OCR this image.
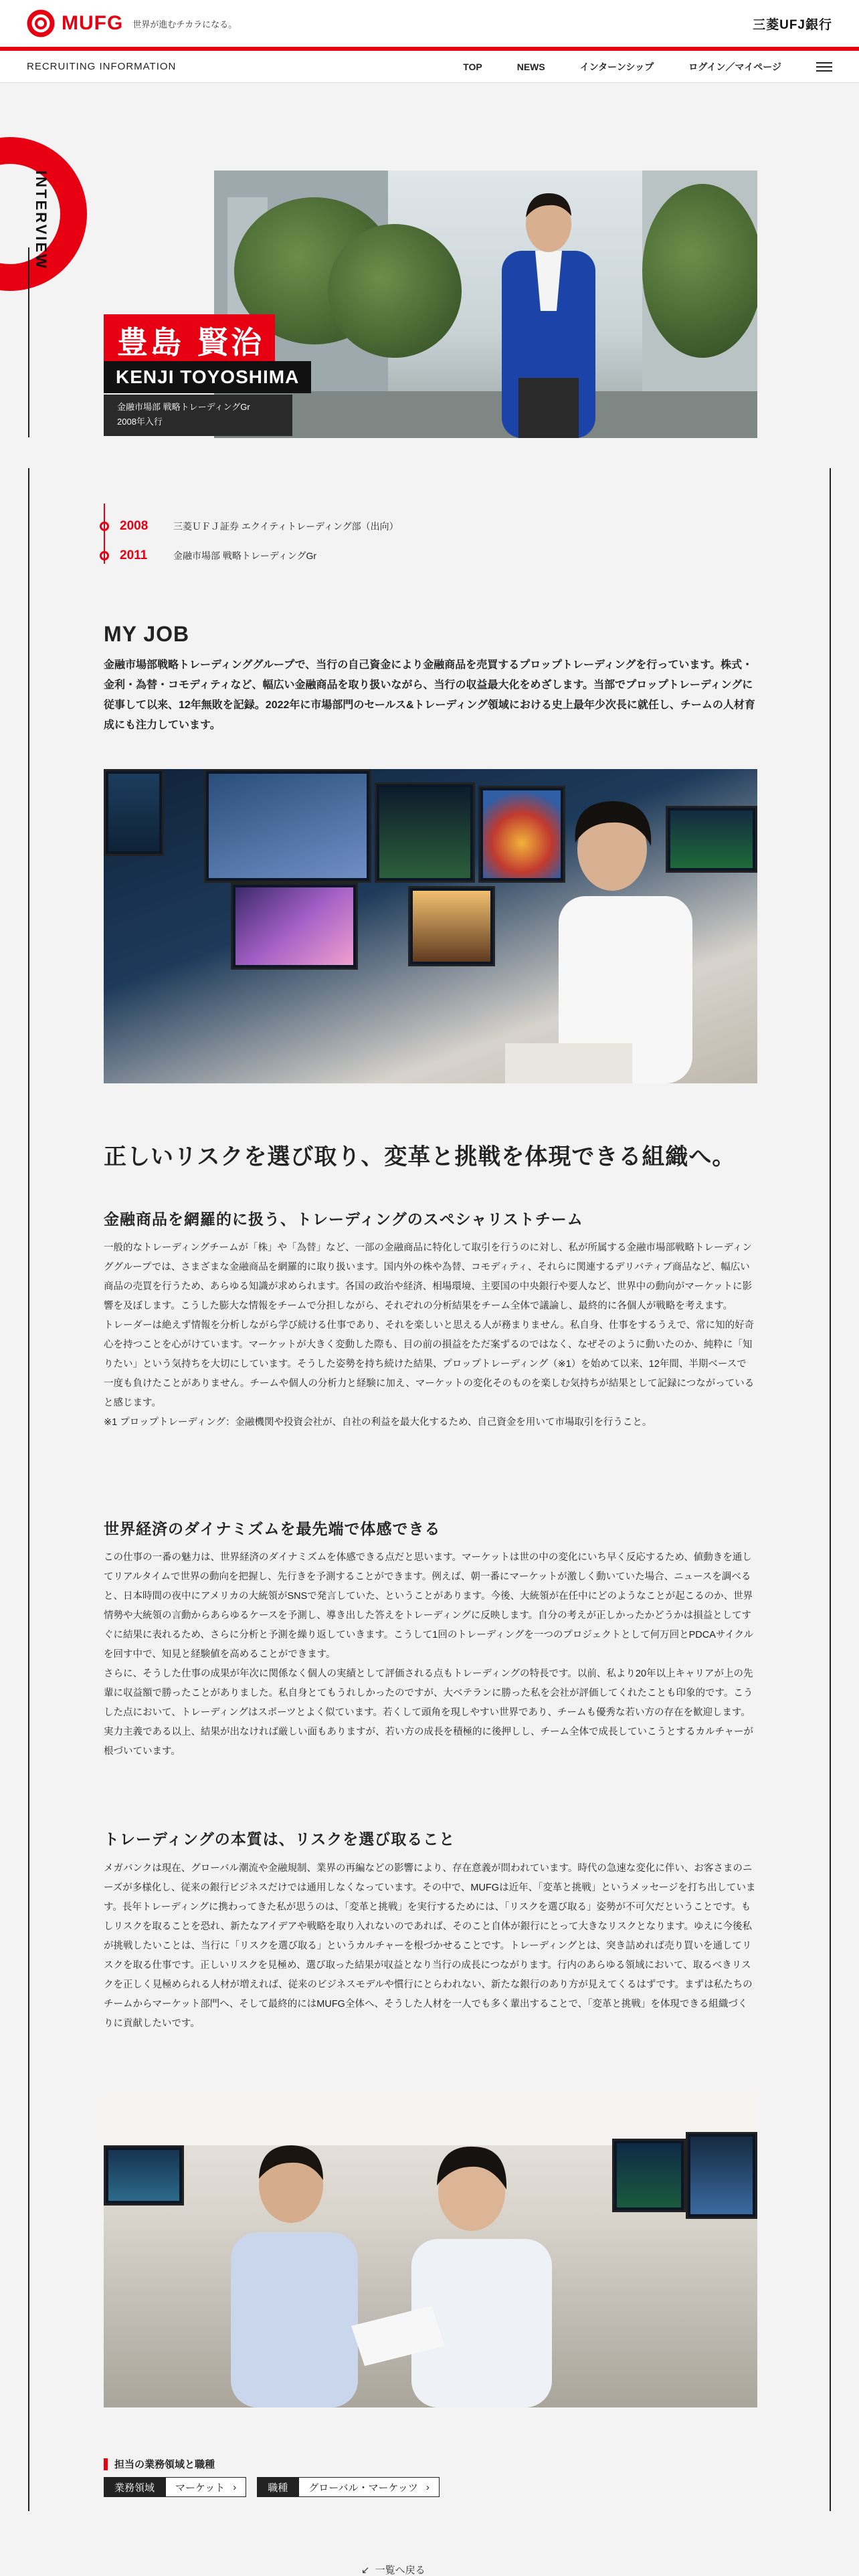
MUFG 世界が進むチカラになる。	三菱UFJ銀行
RECRUITING INFORMATION	TOP	NEWS	インターンシップ	ログイン／マイページ
INTERVIEW
豊島 賢治
KENJI TOYOSHIMA
金融市場部 戦略トレーディングGr
2008年入行
2008	三菱ＵＦＪ証券 エクイティトレーディング部（出向）
2011	金融市場部 戦略トレーディングGr
MY JOB
金融市場部戦略トレーディンググループで、当行の自己資金により金融商品を売買するプロップトレーディングを行っています。株式・金利・為替・コモディティなど、幅広い金融商品を取り扱いながら、当行の収益最大化をめざします。当部でプロップトレーディングに従事して以来、12年無敗を記録。2022年に市場部門のセールス&トレーディング領域における史上最年少次長に就任し、チームの人材育成にも注力しています。
正しいリスクを選び取り、変革と挑戦を体現できる組織へ。
金融商品を網羅的に扱う、トレーディングのスペシャリストチーム

一般的なトレーディングチームが「株」や「為替」など、一部の金融商品に特化して取引を行うのに対し、私が所属する金融市場部戦略トレーディンググループでは、さまざまな金融商品を網羅的に取り扱います。国内外の株や為替、コモディティ、それらに関連するデリバティブ商品など、幅広い商品の売買を行うため、あらゆる知識が求められます。各国の政治や経済、相場環境、主要国の中央銀行や要人など、世界中の動向がマーケットに影響を及ぼします。こうした膨大な情報をチームで分担しながら、それぞれの分析結果をチーム全体で議論し、最終的に各個人が戦略を考えます。

トレーダーは絶えず情報を分析しながら学び続ける仕事であり、それを楽しいと思える人が務まりません。私自身、仕事をするうえで、常に知的好奇心を持つことを心がけています。マーケットが大きく変動した際も、目の前の損益をただ案ずるのではなく、なぜそのように動いたのか、純粋に「知りたい」という気持ちを大切にしています。そうした姿勢を持ち続けた結果、プロップトレーディング（※1）を始めて以来、12年間、半期ベースで一度も負けたことがありません。チームや個人の分析力と経験に加え、マーケットの変化そのものを楽しむ気持ちが結果として記録につながっていると感じます。

※1 プロップトレーディング：金融機関や投資会社が、自社の利益を最大化するため、自己資金を用いて市場取引を行うこと。

世界経済のダイナミズムを最先端で体感できる

この仕事の一番の魅力は、世界経済のダイナミズムを体感できる点だと思います。マーケットは世の中の変化にいち早く反応するため、値動きを通してリアルタイムで世界の動向を把握し、先行きを予測することができます。例えば、朝一番にマーケットが激しく動いていた場合、ニュースを調べると、日本時間の夜中にアメリカの大統領がSNSで発言していた、ということがあります。今後、大統領が在任中にどのようなことが起こるのか、世界情勢や大統領の言動からあらゆるケースを予測し、導き出した答えをトレーディングに反映します。自分の考えが正しかったかどうかは損益としてすぐに結果に表れるため、さらに分析と予測を繰り返していきます。こうして1回のトレーディングを一つのプロジェクトとして何万回とPDCAサイクルを回す中で、知見と経験値を高めることができます。

さらに、そうした仕事の成果が年次に関係なく個人の実績として評価される点もトレーディングの特長です。以前、私より20年以上キャリアが上の先輩に収益額で勝ったことがありました。私自身とてもうれしかったのですが、大ベテランに勝った私を会社が評価してくれたことも印象的です。こうした点において、トレーディングはスポーツとよく似ています。若くして頭角を現しやすい世界であり、チームも優秀な若い方の存在を歓迎します。実力主義である以上、結果が出なければ厳しい面もありますが、若い方の成長を積極的に後押しし、チーム全体で成長していこうとするカルチャーが根づいています。

トレーディングの本質は、リスクを選び取ること

メガバンクは現在、グローバル潮流や金融規制、業界の再編などの影響により、存在意義が問われています。時代の急速な変化に伴い、お客さまのニーズが多様化し、従来の銀行ビジネスだけでは通用しなくなっています。その中で、MUFGは近年、「変革と挑戦」というメッセージを打ち出しています。長年トレーディングに携わってきた私が思うのは、「変革と挑戦」を実行するためには、「リスクを選び取る」姿勢が不可欠だということです。もしリスクを取ることを恐れ、新たなアイデアや戦略を取り入れないのであれば、そのこと自体が銀行にとって大きなリスクとなります。ゆえに今後私が挑戦したいことは、当行に「リスクを選び取る」というカルチャーを根づかせることです。トレーディングとは、突き詰めれば売り買いを通してリスクを取る仕事です。正しいリスクを見極め、選び取った結果が収益となり当行の成長につながります。行内のあらゆる領域において、取るべきリスクを正しく見極められる人材が増えれば、従来のビジネスモデルや慣行にとらわれない、新たな銀行のあり方が見えてくるはずです。まずは私たちのチームからマーケット部門へ、そして最終的にはMUFG全体へ、そうした人材を一人でも多く輩出することで、「変革と挑戦」を体現できる組織づくりに貢献したいです。

担当の業務領域と職種
業務領域	マーケット ›	職種	グローバル・マーケッツ ›
↙ 一覧へ戻る
